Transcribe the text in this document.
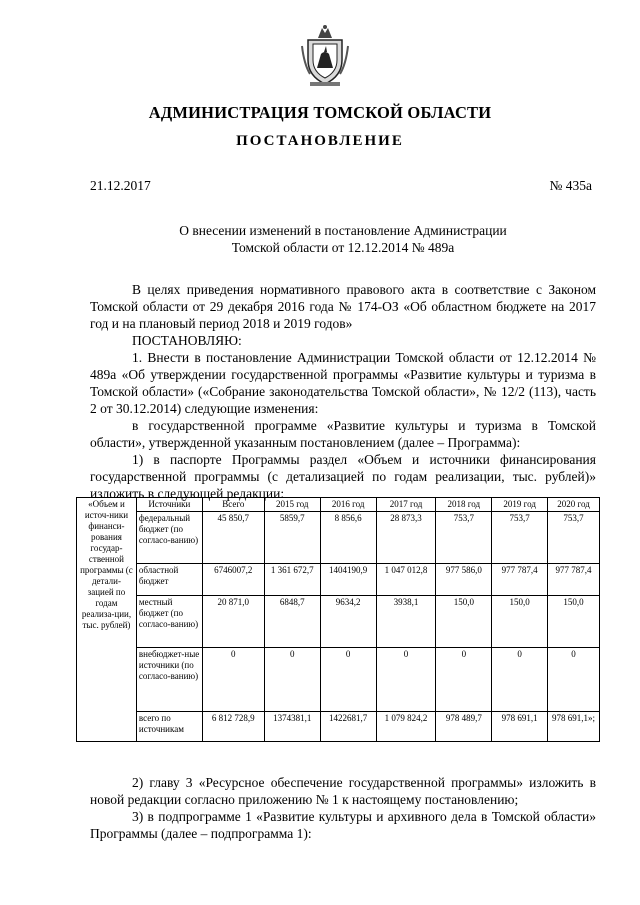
АДМИНИСТРАЦИЯ ТОМСКОЙ ОБЛАСТИ
ПОСТАНОВЛЕНИЕ
21.12.2017	№ 435а
О внесении изменений в постановление Администрации
Томской области от 12.12.2014 № 489а

В целях приведения нормативного правового акта в соответствие с Законом Томской области от 29 декабря 2016 года № 174-ОЗ «Об областном бюджете на 2017 год и на плановый период 2018 и 2019 годов»

ПОСТАНОВЛЯЮ:

1. Внести в постановление Администрации Томской области от 12.12.2014 № 489а «Об утверждении государственной программы «Развитие культуры и туризма в Томской области» («Собрание законодательства Томской области», № 12/2 (113), часть 2 от 30.12.2014) следующие изменения:

в государственной программе «Развитие культуры и туризма в Томской области», утвержденной указанным постановлением (далее – Программа):

1) в паспорте Программы раздел «Объем и источники финансирования государственной программы (с детализацией по годам реализации, тыс. рублей)» изложить в следующей редакции:

«Объем и источ-ники финанси-рования государ-ственной программы (с детали-зацией по годам реализа-ции, тыс. рублей)	Источники	Всего	2015 год	2016 год	2017 год	2018 год	2019 год	2020 год
	федеральный бюджет (по согласо-ванию)	45 850,7	5859,7	8 856,6	28 873,3	753,7	753,7	753,7
	областной бюджет	6746007,2	1 361 672,7	1404190,9	1 047 012,8	977 586,0	977 787,4	977 787,4
	местный бюджет (по согласо-ванию)	20 871,0	6848,7	9634,2	3938,1	150,0	150,0	150,0
	внебюджет-ные источники (по согласо-ванию)	0	0	0	0	0	0	0
	всего по источникам	6 812 728,9	1374381,1	1422681,7	1 079 824,2	978 489,7	978 691,1	978 691,1»;

2) главу 3 «Ресурсное обеспечение государственной программы» изложить в новой редакции согласно приложению № 1 к настоящему постановлению;

3) в подпрограмме 1 «Развитие культуры и архивного дела в Томской области» Программы (далее – подпрограмма 1):
